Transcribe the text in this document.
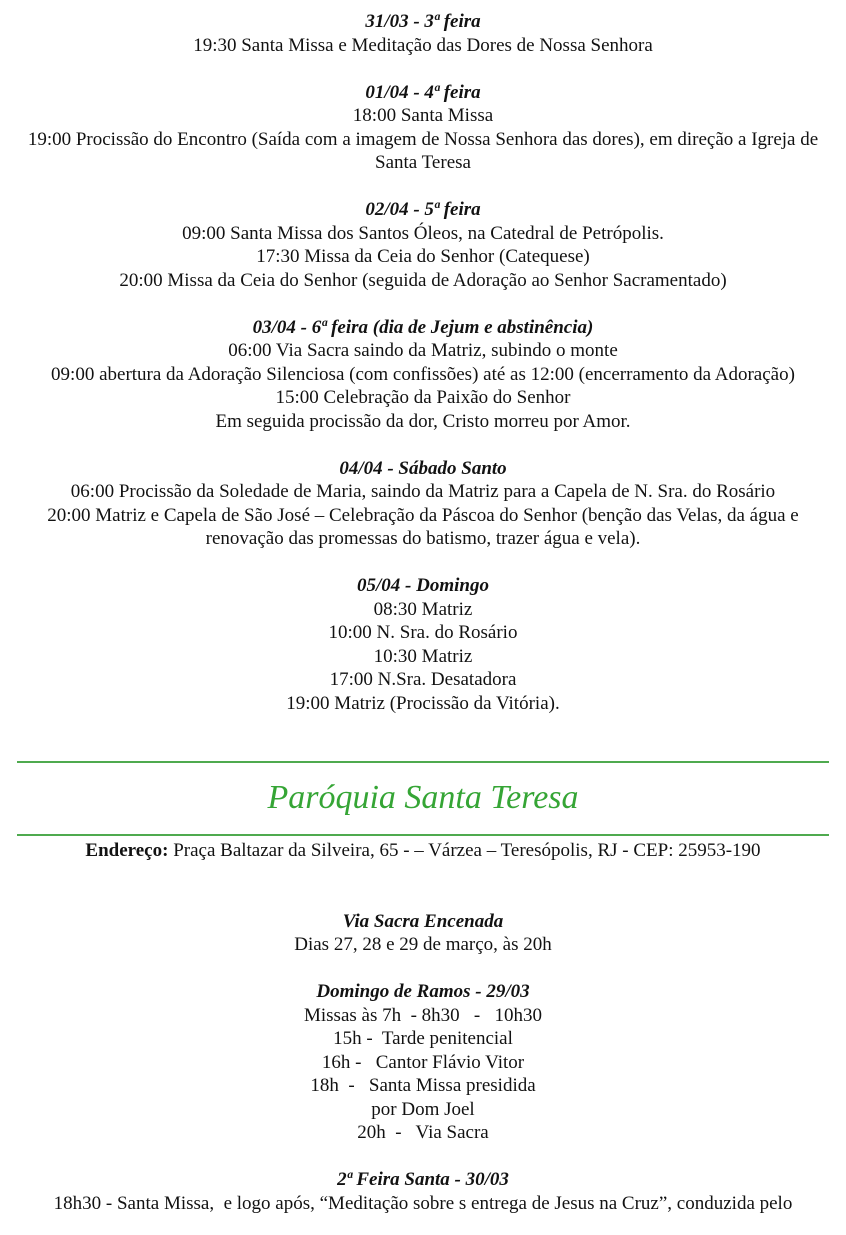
31/03 - 3ª feira
19:30 Santa Missa e Meditação das Dores de Nossa Senhora
01/04 - 4ª feira
18:00 Santa Missa
19:00 Procissão do Encontro (Saída com a imagem de Nossa Senhora das dores), em direção a Igreja de Santa Teresa
02/04 - 5ª feira
09:00 Santa Missa dos Santos Óleos, na Catedral de Petrópolis.
17:30 Missa da Ceia do Senhor (Catequese)
20:00 Missa da Ceia do Senhor (seguida de Adoração ao Senhor Sacramentado)
03/04 - 6ª feira (dia de Jejum e abstinência)
06:00 Via Sacra saindo da Matriz, subindo o monte
09:00 abertura da Adoração Silenciosa (com confissões) até as 12:00 (encerramento da Adoração)
15:00 Celebração da Paixão do Senhor
Em seguida procissão da dor, Cristo morreu por Amor.
04/04 - Sábado Santo
06:00 Procissão da Soledade de Maria, saindo da Matriz para a Capela de N. Sra. do Rosário
20:00 Matriz e Capela de São José – Celebração da Páscoa do Senhor (benção das Velas, da água e renovação das promessas do batismo, trazer água e vela).
05/04 - Domingo
08:30 Matriz
10:00 N. Sra. do Rosário
10:30 Matriz
17:00 N.Sra. Desatadora
19:00 Matriz (Procissão da Vitória).
Paróquia Santa Teresa
Endereço: Praça Baltazar da Silveira, 65 - – Várzea – Teresópolis, RJ - CEP: 25953-190
Via Sacra Encenada
Dias 27, 28 e 29 de março, às 20h
Domingo de Ramos - 29/03
Missas às 7h  - 8h30   -   10h30
15h -  Tarde penitencial
16h -   Cantor Flávio Vitor
18h  -   Santa Missa presidida
por Dom Joel
20h  -   Via Sacra
2ª Feira Santa - 30/03
18h30 - Santa Missa,  e logo após, “Meditação sobre s entrega de Jesus na Cruz”, conduzida pelo
